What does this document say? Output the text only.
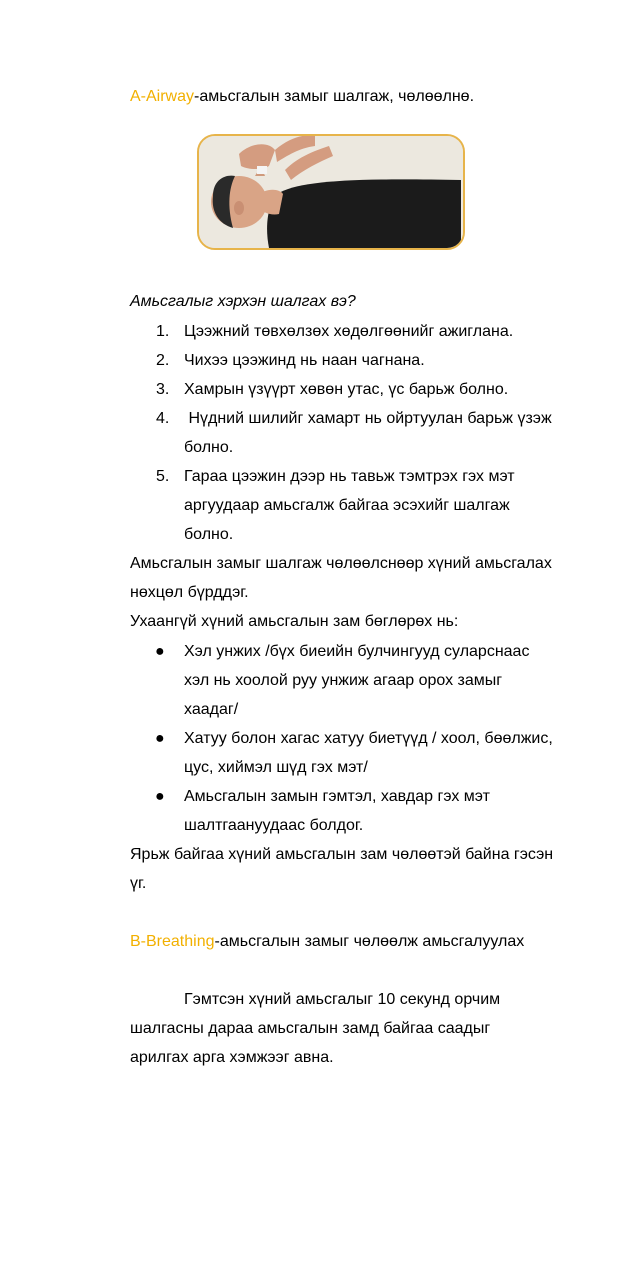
A-Airway-амьсгалын замыг шалгаж, чөлөөлнө.
Амьсгалыг хэрхэн шалгах вэ?
1. Цээжний төвхөлзөх хөдөлгөөнийг ажиглана.
2. Чихээ цээжинд нь наан чагнана.
3. Хамрын үзүүрт хөвөн утас, үс барьж болно.
4. Нүдний шилийг хамарт нь ойртуулан барьж үзэж
болно.
5. Гараа цээжин дээр нь тавьж тэмтрэх гэх мэт
аргуудаар амьсгалж байгаа эсэхийг шалгаж
болно.
Амьсгалын замыг шалгаж чөлөөлснөөр хүний амьсгалах
нөхцөл бүрддэг.
Ухаангүй хүний амьсгалын зам бөглөрөх нь:
● Хэл унжих /бүх биеийн булчингууд суларснаас
хэл нь хоолой руу унжиж агаар орох замыг
хаадаг/
● Хатуу болон хагас хатуу биетүүд / хоол, бөөлжис,
цус, хиймэл шүд гэх мэт/
● Амьсгалын замын гэмтэл, хавдар гэх мэт
шалтгаанууд​аас болдог.
Ярьж байгаа хүний амьсгалын зам чөлөөтэй байна гэсэн
үг.
B-Breathing-амьсгалын замыг чөлөөлж амьсгалуулах
Гэмтсэн хүний амьсгалыг 10 секунд орчим
шалгасны дараа амьсгалын замд байгаа саадыг
арилгах арга хэмжээг авна.
